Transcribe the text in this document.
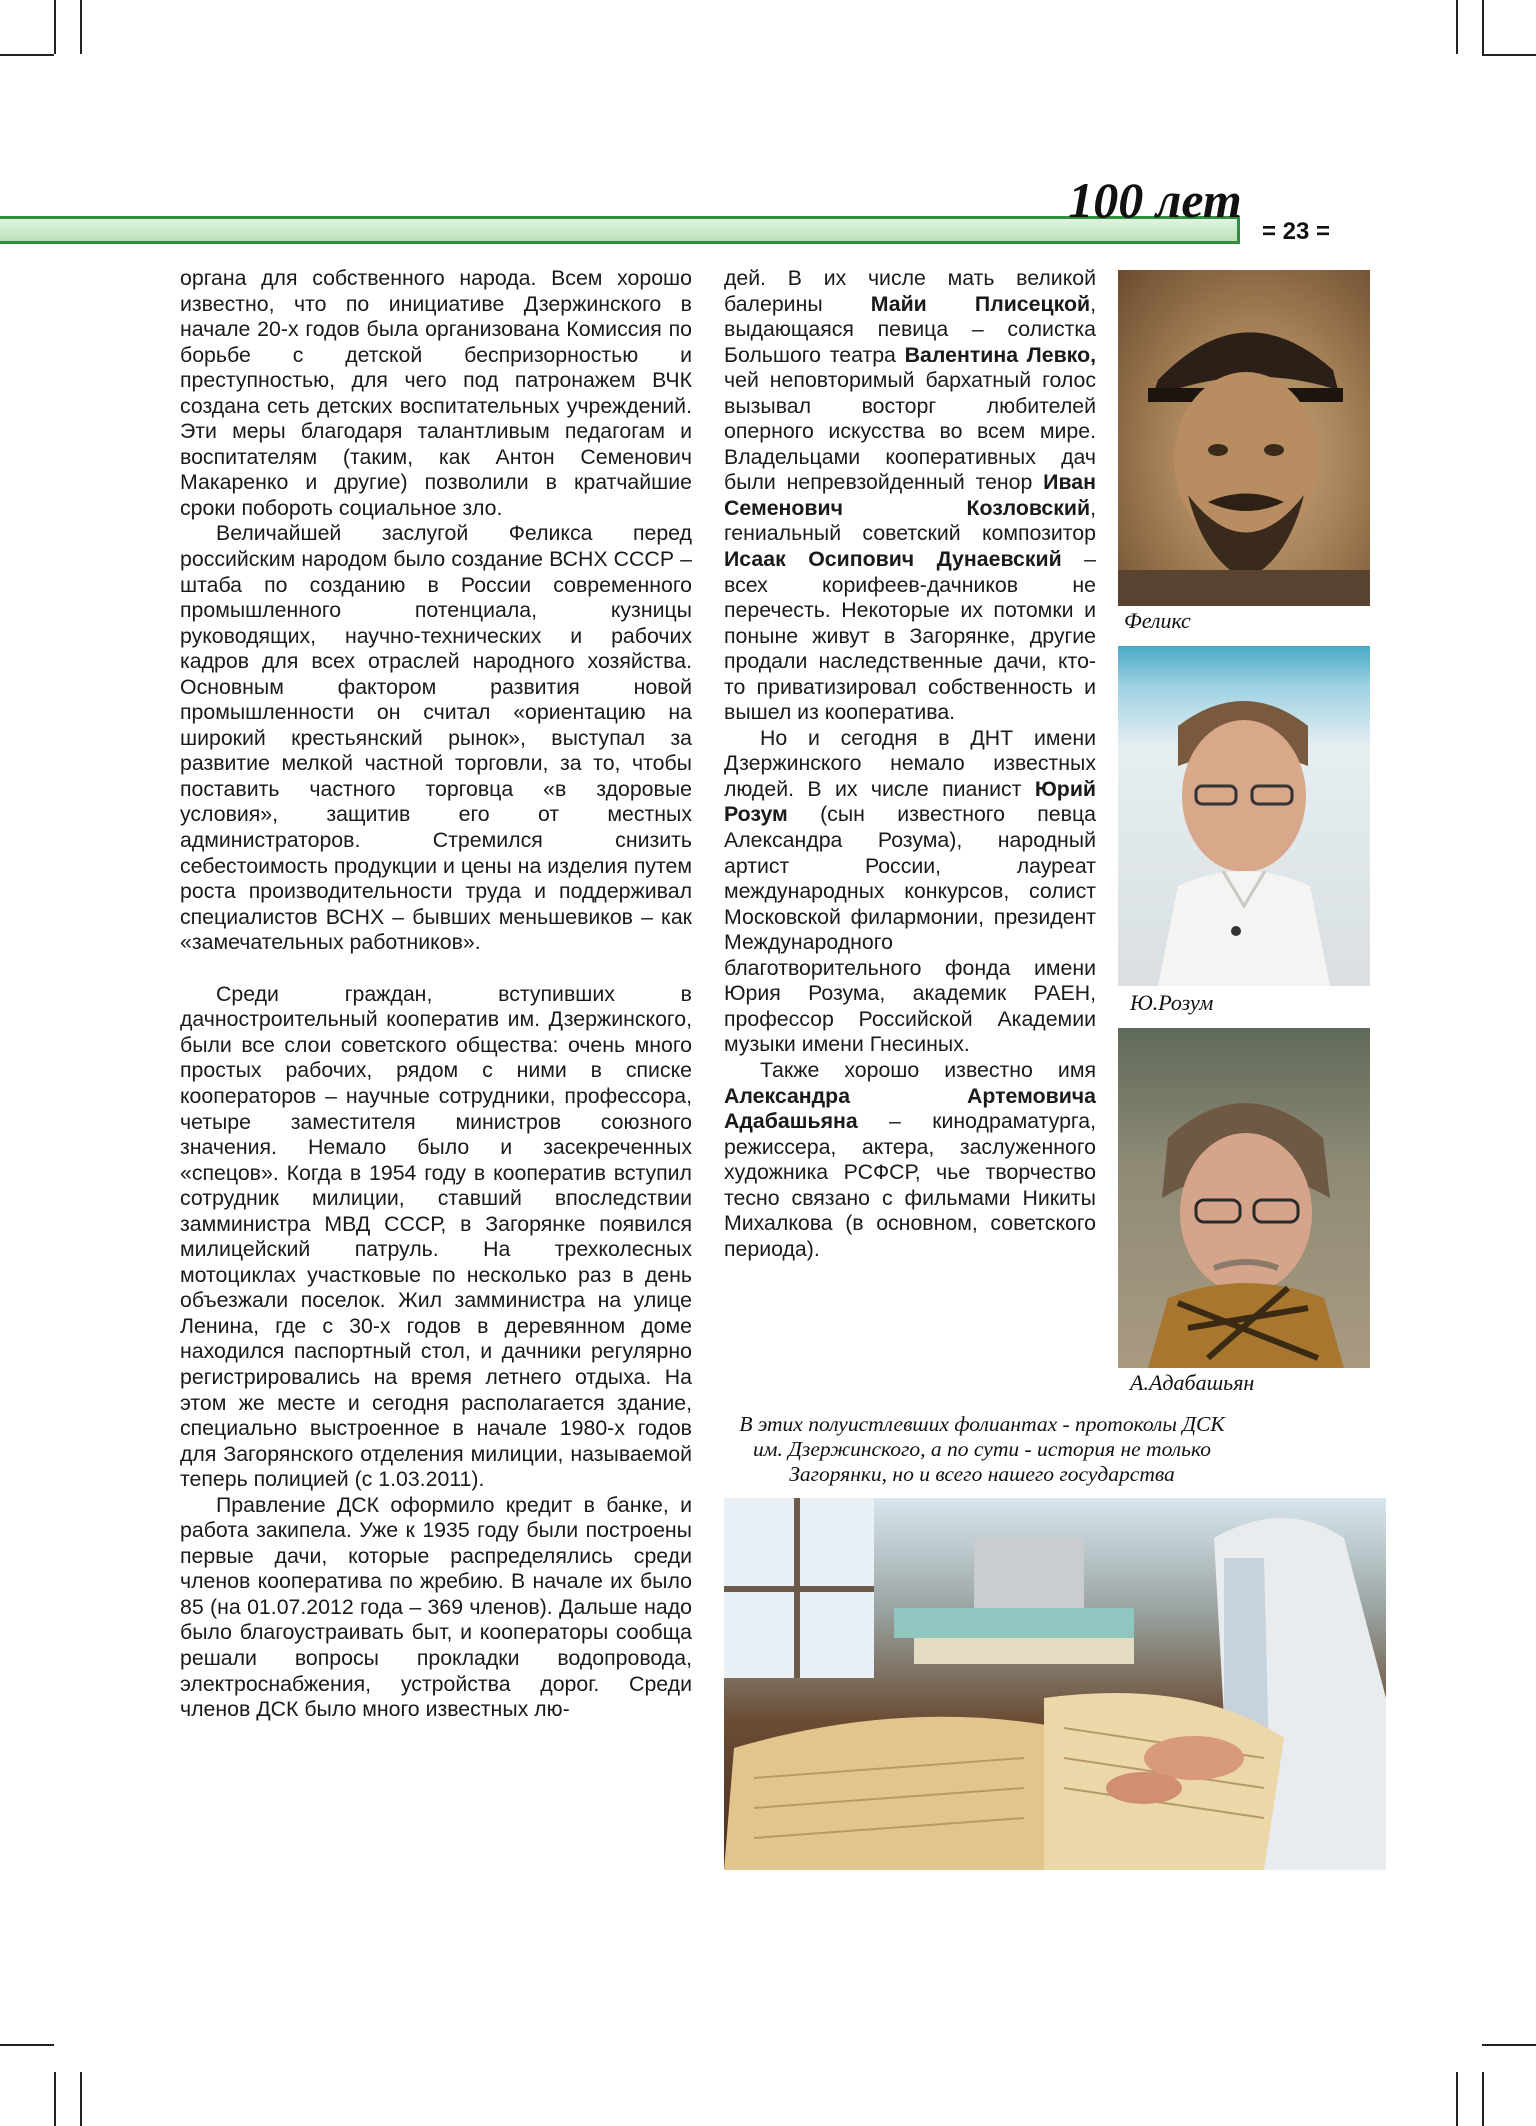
100 лет
= 23 =

органа для собственного народа. Всем хорошо известно, что по инициативе Дзержинского в начале 20-х годов была организована Комиссия по борьбе с детской беспризорностью и преступностью, для чего под патронажем ВЧК создана сеть детских воспитательных учреждений. Эти меры благодаря талантливым педагогам и воспитателям (таким, как Антон Семенович Макаренко и другие) позволили в кратчайшие сроки побороть социальное зло.

Величайшей заслугой Феликса перед российским народом было создание ВСНХ СССР – штаба по созданию в России современного промышленного потенциала, кузницы руководящих, научно-технических и рабочих кадров для всех отраслей народного хозяйства. Основным фактором развития новой промышленности он считал «ориентацию на широкий крестьянский рынок», выступал за развитие мелкой частной торговли, за то, чтобы поставить частного торговца «в здоровые условия», защитив его от местных администраторов. Стремился снизить себестоимость продукции и цены на изделия путем роста производительности труда и поддерживал специалистов ВСНХ – бывших меньшевиков – как «замечательных работников».

Среди граждан, вступивших в дачностроительный кооператив им. Дзержинского, были все слои советского общества: очень много простых рабочих, рядом с ними в списке кооператоров – научные сотрудники, профессора, четыре заместителя министров союзного значения. Немало было и засекреченных «спецов». Когда в 1954 году в кооператив вступил сотрудник милиции, ставший впоследствии замминистра МВД СССР, в Загорянке появился милицейский патруль. На трехколесных мотоциклах участковые по несколько раз в день объезжали поселок. Жил замминистра на улице Ленина, где с 30-х годов в деревянном доме находился паспортный стол, и дачники регулярно регистрировались на время летнего отдыха. На этом же месте и сегодня располагается здание, специально выстроенное в начале 1980-х годов для Загорянского отделения милиции, называемой теперь полицией (с 1.03.2011).

Правление ДСК оформило кредит в банке, и работа закипела. Уже к 1935 году были построены первые дачи, которые распределялись среди членов кооператива по жребию. В начале их было 85 (на 01.07.2012 года – 369 членов). Дальше надо было благоустраивать быт, и кооператоры сообща решали вопросы прокладки водопровода, электроснабжения, устройства дорог. Среди членов ДСК было много известных лю-

дей. В их числе мать великой балерины Майи Плисецкой, выдающаяся певица – солистка Большого театра Валентина Левко, чей неповторимый бархатный голос вызывал восторг любителей оперного искусства во всем мире. Владельцами кооперативных дач были непревзойденный тенор Иван Семенович Козловский, гениальный советский композитор Исаак Осипович Дунаевский – всех корифеев-дачников не перечесть. Некоторые их потомки и поныне живут в Загорянке, другие продали наследственные дачи, кто-то приватизировал собственность и вышел из кооператива.

Но и сегодня в ДНТ имени Дзержинского немало известных людей. В их числе пианист Юрий Розум (сын известного певца Александра Розума), народный артист России, лауреат международных конкурсов, солист Московской филармонии, президент Международного благотворительного фонда имени Юрия Розума, академик РАЕН, профессор Российской Академии музыки имени Гнесиных.

Также хорошо известно имя Александра Артемовича Адабашьяна – кинодраматурга, режиссера, актера, заслуженного художника РСФСР, чье творчество тесно связано с фильмами Никиты Михалкова (в основном, советского периода).

Феликс
Ю.Розум
А.Адабашьян
В этих полуистлевших фолиантах - протоколы ДСК им. Дзержинского, а по сути - история не только Загорянки, но и всего нашего государства
